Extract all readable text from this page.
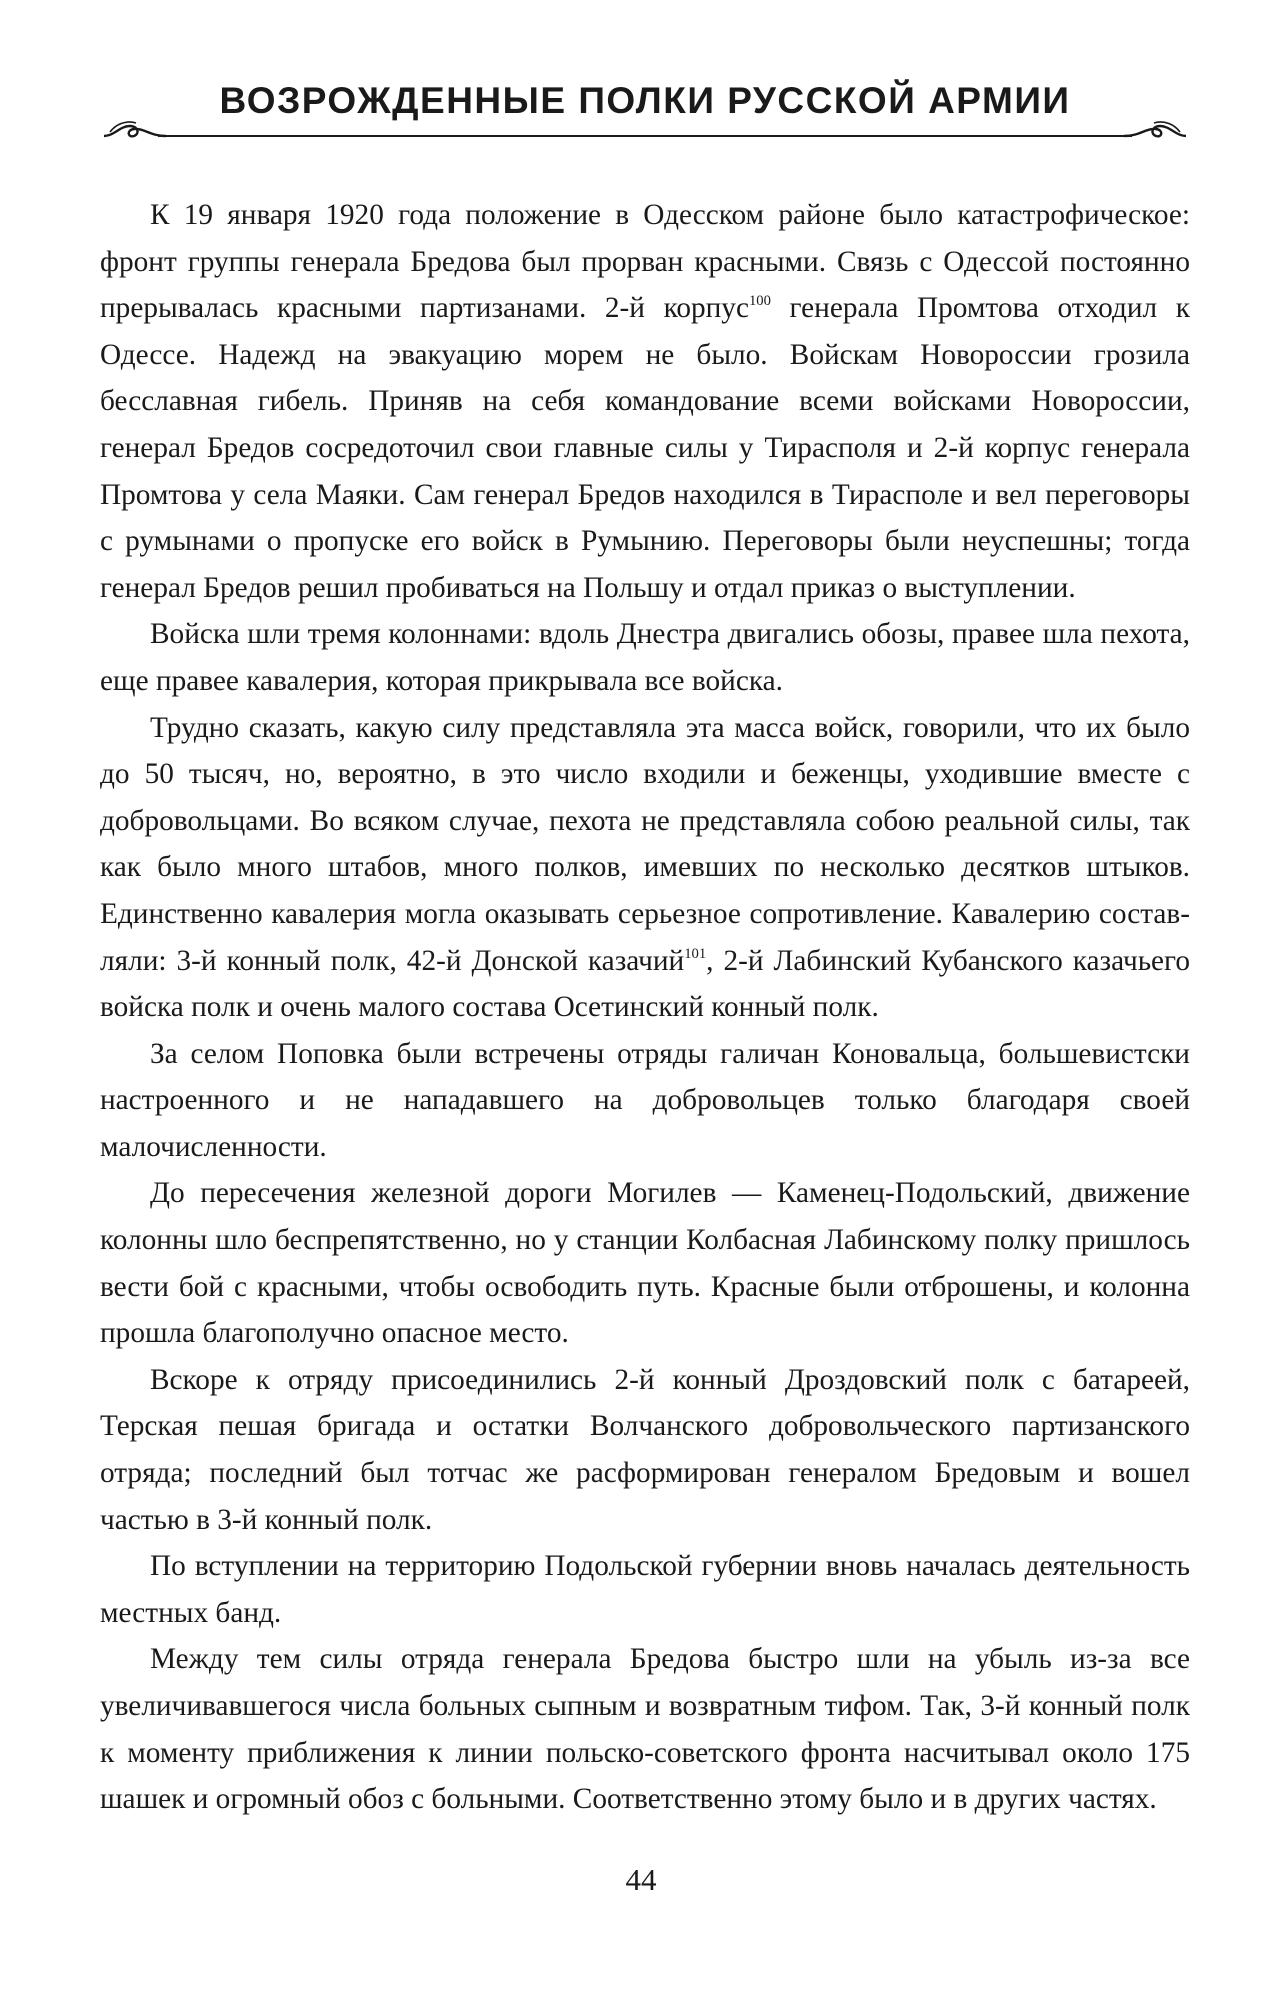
ВОЗРОЖДЕННЫЕ ПОЛКИ РУССКОЙ АРМИИ

К 19 января 1920 года положение в Одесском районе было катастрофическое: фронт группы генерала Бредова был прорван красными. Связь с Одессой постоянно прерывалась красными партизанами. 2-й корпус$^{100}$ генерала Промтова отходил к Одессе. Надежд на эвакуацию морем не было. Войскам Новороссии грозила бесславная гибель. Приняв на себя командование всеми войсками Новороссии, генерал Бредов сосредоточил свои главные силы у Тирасполя и 2-й корпус генерала Промтова у села Маяки. Сам генерал Бредов находился в Тирасполе и вел переговоры с румынами о пропуске его войск в Румынию. Переговоры были неуспешны; тогда генерал Бредов решил пробиваться на Польшу и отдал приказ о выступлении.

Войска шли тремя колоннами: вдоль Днестра двигались обозы, правее шла пехота, еще правее кавалерия, которая прикрывала все войска.

Трудно сказать, какую силу представляла эта масса войск, говорили, что их было до 50 тысяч, но, вероятно, в это число входили и беженцы, уходившие вместе с добровольцами. Во всяком случае, пехота не представляла собою реальной силы, так как было много штабов, много полков, имевших по несколько десятков штыков. Единственно кавалерия могла оказывать серьезное сопротивление. Кавалерию составляли: 3-й конный полк, 42-й Донской казачий$^{101}$, 2-й Лабинский Кубанского казачьего войска полк и очень малого состава Осетинский конный полк.

За селом Поповка были встречены отряды галичан Коновальца, большевистски настроенного и не нападавшего на добровольцев только благодаря своей малочисленности.

До пересечения железной дороги Могилев — Каменец-Подольский, движение колонны шло беспрепятственно, но у станции Колбасная Лабинскому полку пришлось вести бой с красными, чтобы освободить путь. Красные были отброшены, и колонна прошла благополучно опасное место.

Вскоре к отряду присоединились 2-й конный Дроздовский полк с батареей, Терская пешая бригада и остатки Волчанского добровольческого партизанского отряда; последний был тотчас же расформирован генералом Бредовым и вошел частью в 3-й конный полк.

По вступлении на территорию Подольской губернии вновь началась деятельность местных банд.

Между тем силы отряда генерала Бредова быстро шли на убыль из-за все увеличивавшегося числа больных сыпным и возвратным тифом. Так, 3-й конный полк к моменту приближения к линии польско-советского фронта насчитывал около 175 шашек и огромный обоз с больными. Соответственно этому было и в других частях.

44
